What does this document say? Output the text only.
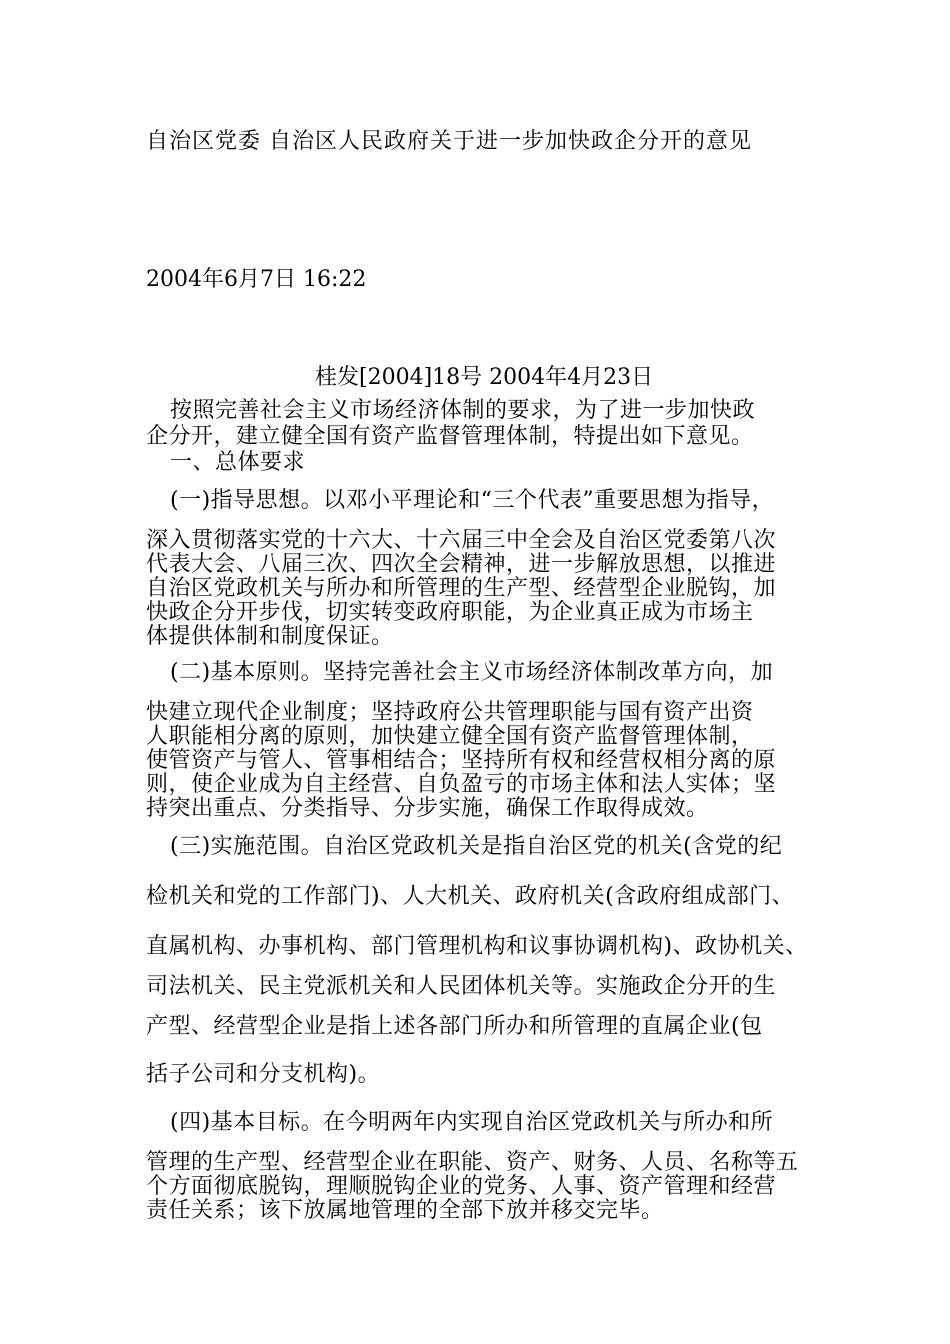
自治区党委 自治区人民政府关于进一步加快政企分开的意见
2004年6月7日 16:22
桂发[2004]18号 2004年4月23日
按照完善社会主义市场经济体制的要求，为了进一步加快政
企分开，建立健全国有资产监督管理体制，特提出如下意见。
一、总体要求
(一)指导思想。以邓小平理论和“三个代表”重要思想为指导，
深入贯彻落实党的十六大、十六届三中全会及自治区党委第八次
代表大会、八届三次、四次全会精神，进一步解放思想，以推进
自治区党政机关与所办和所管理的生产型、经营型企业脱钩，加
快政企分开步伐，切实转变政府职能，为企业真正成为市场主
体提供体制和制度保证。
(二)基本原则。坚持完善社会主义市场经济体制改革方向，加
快建立现代企业制度；坚持政府公共管理职能与国有资产出资
人职能相分离的原则，加快建立健全国有资产监督管理体制，
使管资产与管人、管事相结合；坚持所有权和经营权相分离的原
则，使企业成为自主经营、自负盈亏的市场主体和法人实体；坚
持突出重点、分类指导、分步实施，确保工作取得成效。
(三)实施范围。自治区党政机关是指自治区党的机关(含党的纪
检机关和党的工作部门)、人大机关、政府机关(含政府组成部门、
直属机构、办事机构、部门管理机构和议事协调机构)、政协机关、
司法机关、民主党派机关和人民团体机关等。实施政企分开的生
产型、经营型企业是指上述各部门所办和所管理的直属企业(包
括子公司和分支机构)。
(四)基本目标。在今明两年内实现自治区党政机关与所办和所
管理的生产型、经营型企业在职能、资产、财务、人员、名称等五
个方面彻底脱钩，理顺脱钩企业的党务、人事、资产管理和经营
责任关系；该下放属地管理的全部下放并移交完毕。
